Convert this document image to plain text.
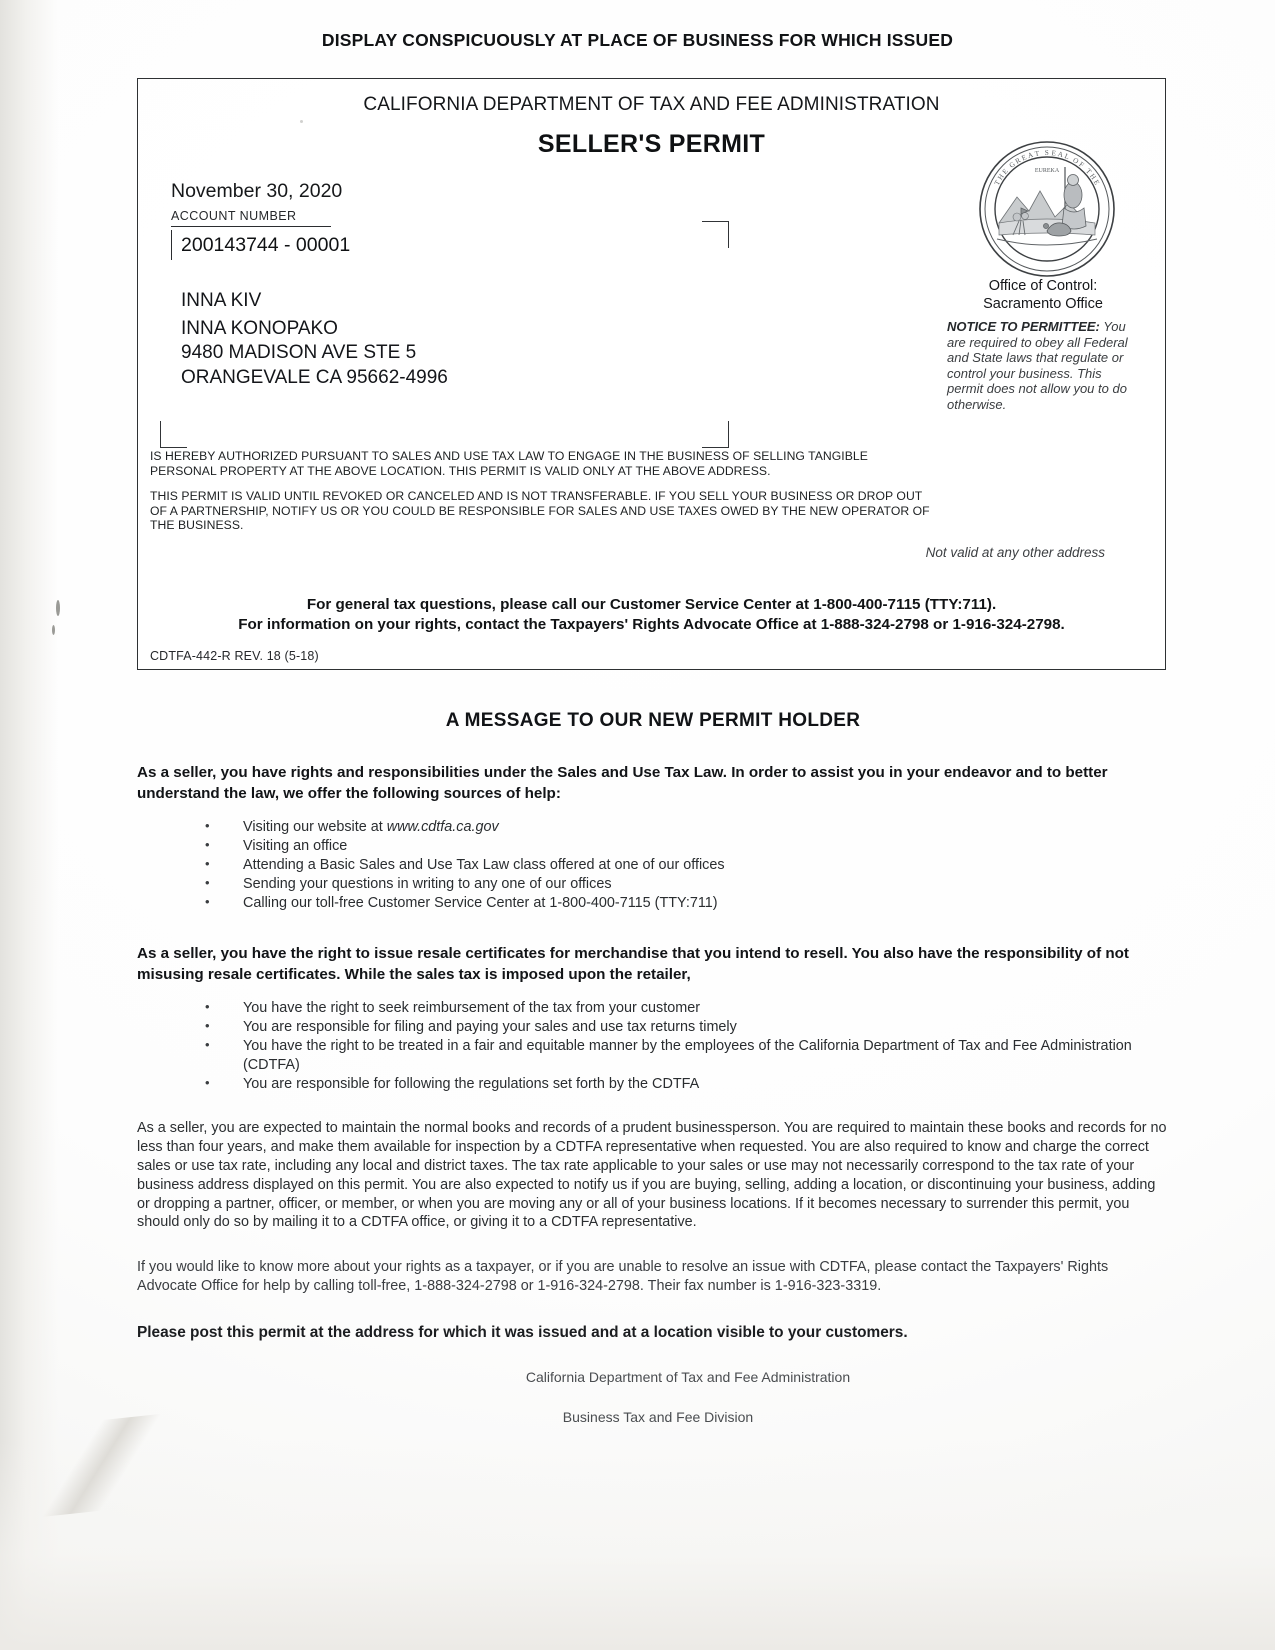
DISPLAY CONSPICUOUSLY AT PLACE OF BUSINESS FOR WHICH ISSUED
CALIFORNIA DEPARTMENT OF TAX AND FEE ADMINISTRATION
SELLER'S PERMIT
November 30, 2020
ACCOUNT NUMBER
200143744 - 00001
INNA KIV
INNA KONOPAKO
9480 MADISON AVE STE 5
ORANGEVALE CA 95662-4996
T
H
E
G
R
E
A T S E A L O
F
T
H
E
EUREKA
Office of Control:
Sacramento Office
NOTICE TO PERMITTEE: You are required to obey all Federal and State laws that regulate or control your business. This permit does not allow you to do otherwise.
IS HEREBY AUTHORIZED PURSUANT TO SALES AND USE TAX LAW TO ENGAGE IN THE BUSINESS OF SELLING TANGIBLE PERSONAL PROPERTY AT THE ABOVE LOCATION. THIS PERMIT IS VALID ONLY AT THE ABOVE ADDRESS.
THIS PERMIT IS VALID UNTIL REVOKED OR CANCELED AND IS NOT TRANSFERABLE. IF YOU SELL YOUR BUSINESS OR DROP OUT OF A PARTNERSHIP, NOTIFY US OR YOU COULD BE RESPONSIBLE FOR SALES AND USE TAXES OWED BY THE NEW OPERATOR OF THE BUSINESS.
Not valid at any other address
For general tax questions, please call our Customer Service Center at 1-800-400-7115 (TTY:711).
For information on your rights, contact the Taxpayers' Rights Advocate Office at 1-888-324-2798 or 1-916-324-2798.
CDTFA-442-R REV. 18 (5-18)
A MESSAGE TO OUR NEW PERMIT HOLDER
As a seller, you have rights and responsibilities under the Sales and Use Tax Law. In order to assist you in your endeavor and to better understand the law, we offer the following sources of help:
• Visiting our website at www.cdtfa.ca.gov
• Visiting an office
• Attending a Basic Sales and Use Tax Law class offered at one of our offices
• Sending your questions in writing to any one of our offices
• Calling our toll-free Customer Service Center at 1-800-400-7115 (TTY:711)
As a seller, you have the right to issue resale certificates for merchandise that you intend to resell. You also have the responsibility of not misusing resale certificates. While the sales tax is imposed upon the retailer,
• You have the right to seek reimbursement of the tax from your customer
• You are responsible for filing and paying your sales and use tax returns timely
• You have the right to be treated in a fair and equitable manner by the employees of the California Department of Tax and Fee Administration (CDTFA)
• You are responsible for following the regulations set forth by the CDTFA
As a seller, you are expected to maintain the normal books and records of a prudent businessperson. You are required to maintain these books and records for no less than four years, and make them available for inspection by a CDTFA representative when requested. You are also required to know and charge the correct sales or use tax rate, including any local and district taxes. The tax rate applicable to your sales or use may not necessarily correspond to the tax rate of your business address displayed on this permit. You are also expected to notify us if you are buying, selling, adding a location, or discontinuing your business, adding or dropping a partner, officer, or member, or when you are moving any or all of your business locations. If it becomes necessary to surrender this permit, you should only do so by mailing it to a CDTFA office, or giving it to a CDTFA representative.
If you would like to know more about your rights as a taxpayer, or if you are unable to resolve an issue with CDTFA, please contact the Taxpayers' Rights Advocate Office for help by calling toll-free, 1-888-324-2798 or 1-916-324-2798. Their fax number is 1-916-323-3319.
Please post this permit at the address for which it was issued and at a location visible to your customers.
California Department of Tax and Fee Administration
Business Tax and Fee Division
